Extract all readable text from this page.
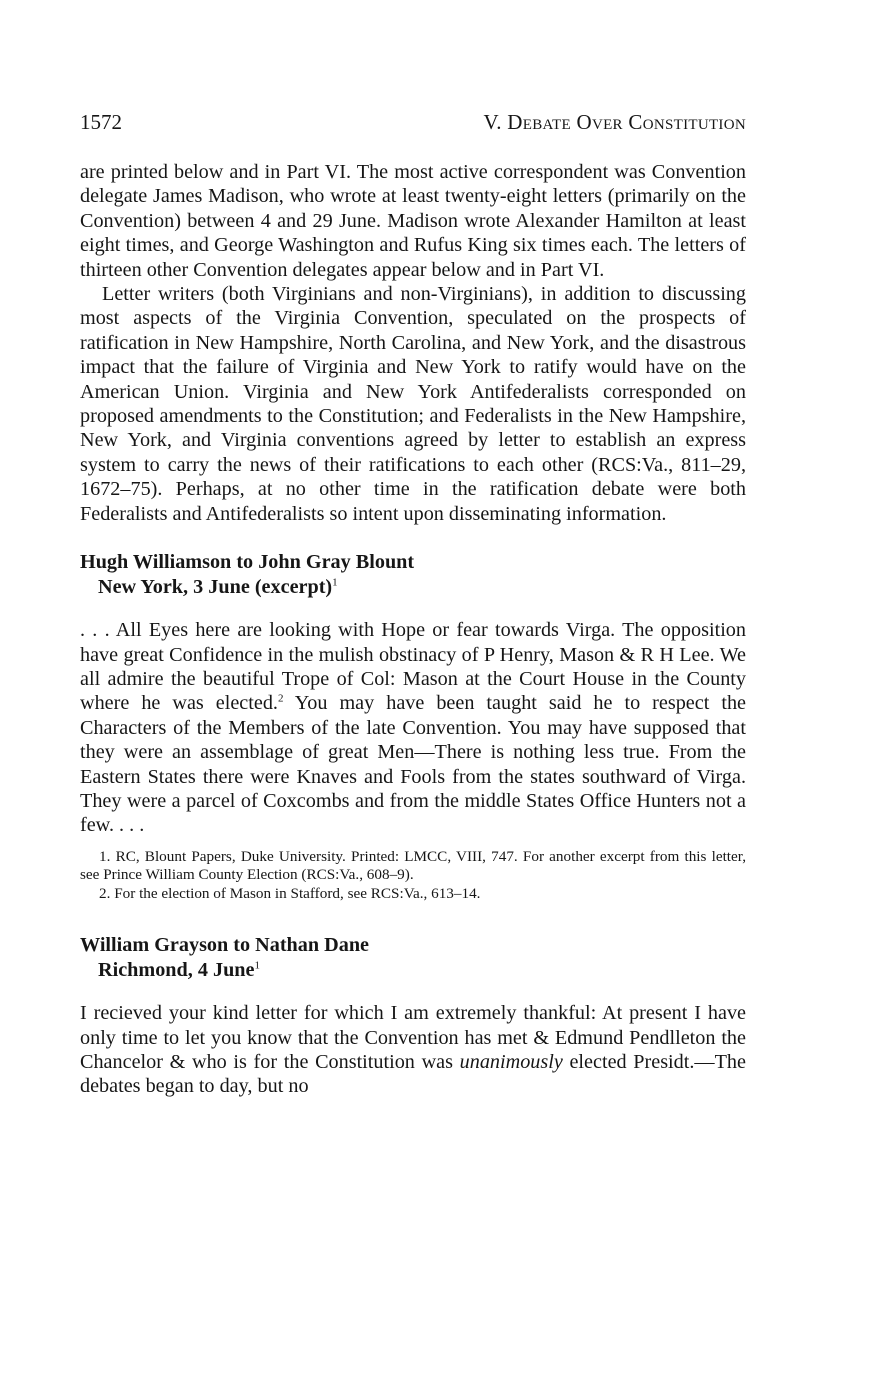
1572	V. Debate Over Constitution

are printed below and in Part VI. The most active correspondent was Convention delegate James Madison, who wrote at least twenty-eight letters (primarily on the Convention) between 4 and 29 June. Madison wrote Alexander Hamilton at least eight times, and George Washington and Rufus King six times each. The letters of thirteen other Convention delegates appear below and in Part VI.

Letter writers (both Virginians and non-Virginians), in addition to discussing most aspects of the Virginia Convention, speculated on the prospects of ratification in New Hampshire, North Carolina, and New York, and the disastrous impact that the failure of Virginia and New York to ratify would have on the American Union. Virginia and New York Antifederalists corresponded on proposed amendments to the Constitution; and Federalists in the New Hampshire, New York, and Virginia conventions agreed by letter to establish an express system to carry the news of their ratifications to each other (RCS:Va., 811–29, 1672–75). Perhaps, at no other time in the ratification debate were both Federalists and Antifederalists so intent upon disseminating information.

Hugh Williamson to John Gray Blount
New York, 3 June (excerpt)$^1$

. . . All Eyes here are looking with Hope or fear towards Virga. The opposition have great Confidence in the mulish obstinacy of P Henry, Mason & R H Lee. We all admire the beautiful Trope of Col: Mason at the Court House in the County where he was elected.$^2$ You may have been taught said he to respect the Characters of the Members of the late Convention. You may have supposed that they were an assemblage of great Men—There is nothing less true. From the Eastern States there were Knaves and Fools from the states southward of Virga. They were a parcel of Coxcombs and from the middle States Office Hunters not a few. . . .

1. RC, Blount Papers, Duke University. Printed: LMCC, VIII, 747. For another excerpt from this letter, see Prince William County Election (RCS:Va., 608–9).

2. For the election of Mason in Stafford, see RCS:Va., 613–14.

William Grayson to Nathan Dane
Richmond, 4 June$^1$

I recieved your kind letter for which I am extremely thankful: At present I have only time to let you know that the Convention has met & Edmund Pendlleton the Chancelor & who is for the Constitution was unanimously elected Presidt.—The debates began to day, but no
